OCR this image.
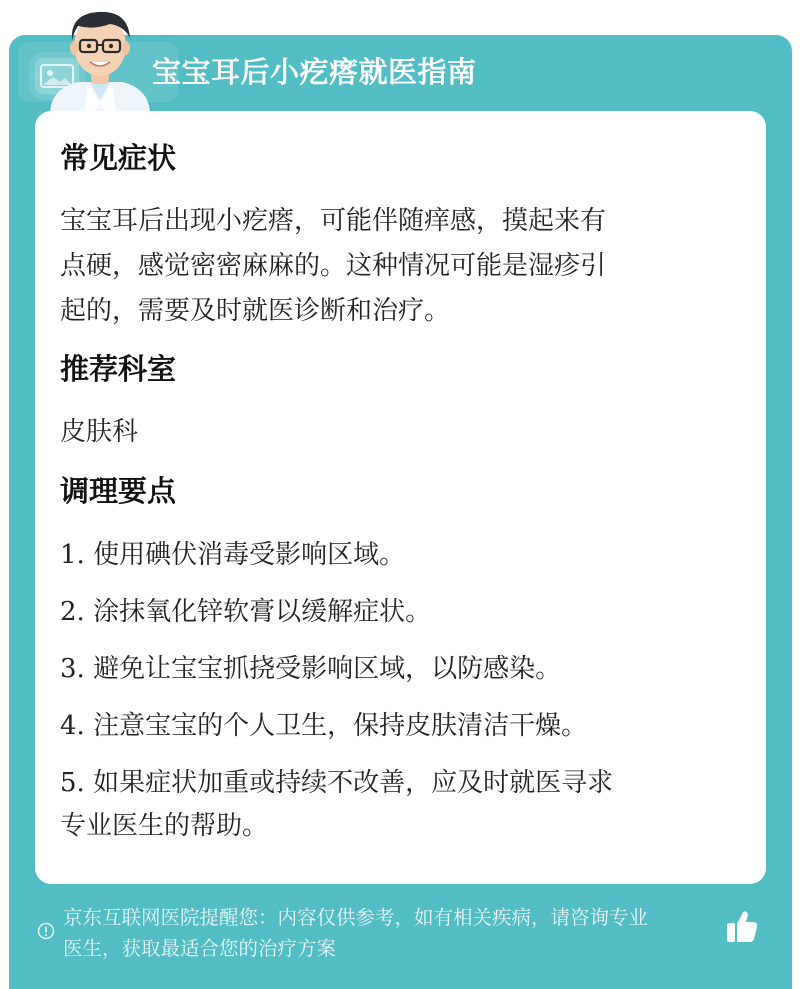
宝宝耳后小疙瘩就医指南
常见症状
宝宝耳后出现小疙瘩，可能伴随痒感，摸起来有
点硬，感觉密密麻麻的。这种情况可能是湿疹引
起的，需要及时就医诊断和治疗。
推荐科室
皮肤科
调理要点
1. 使用碘伏消毒受影响区域。
2. 涂抹氧化锌软膏以缓解症状。
3. 避免让宝宝抓挠受影响区域，以防感染。
4. 注意宝宝的个人卫生，保持皮肤清洁干燥。
5. 如果症状加重或持续不改善，应及时就医寻求
专业医生的帮助。
京东互联网医院提醒您：内容仅供参考，如有相关疾病，请咨询专业
医生，获取最适合您的治疗方案
